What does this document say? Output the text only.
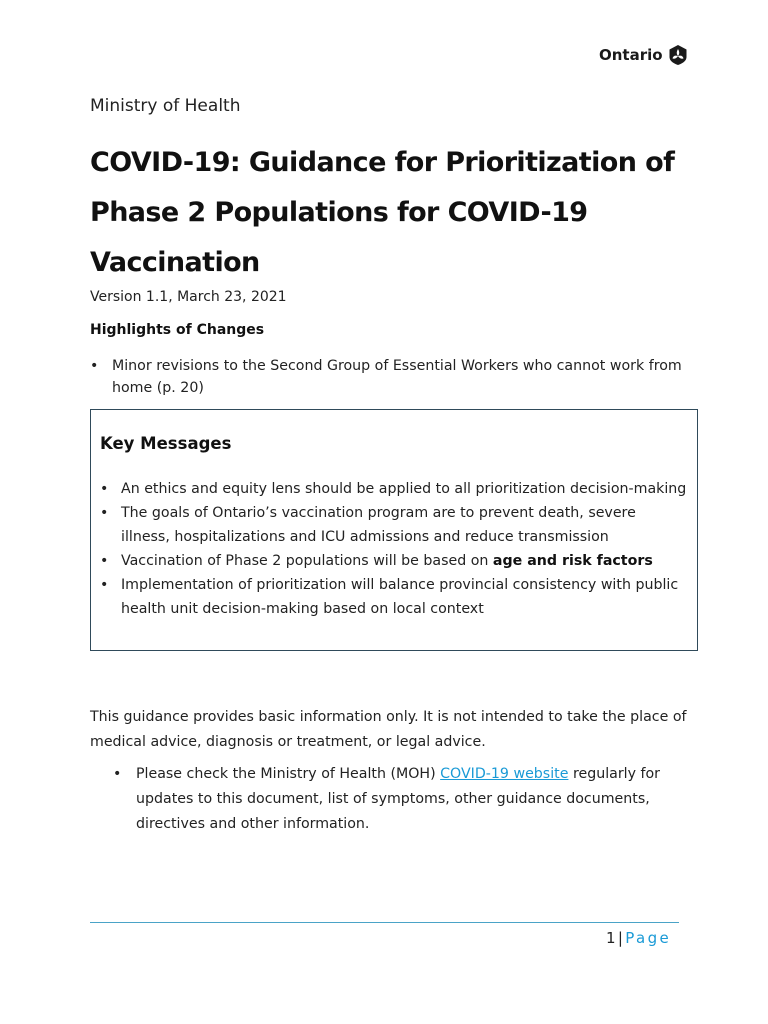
Ontario
Ministry of Health
COVID-19: Guidance for Prioritization of Phase 2 Populations for COVID-19 Vaccination
Version 1.1, March 23, 2021
Highlights of Changes
• Minor revisions to the Second Group of Essential Workers who cannot work from home (p. 20)
Key Messages
• An ethics and equity lens should be applied to all prioritization decision-making
• The goals of Ontario’s vaccination program are to prevent death, severe illness, hospitalizations and ICU admissions and reduce transmission
• Vaccination of Phase 2 populations will be based on age and risk factors
• Implementation of prioritization will balance provincial consistency with public health unit decision-making based on local context

This guidance provides basic information only. It is not intended to take the place of medical advice, diagnosis or treatment, or legal advice.

• Please check the Ministry of Health (MOH) COVID-19 website regularly for updates to this document, list of symptoms, other guidance documents, directives and other information.
1 | Page
